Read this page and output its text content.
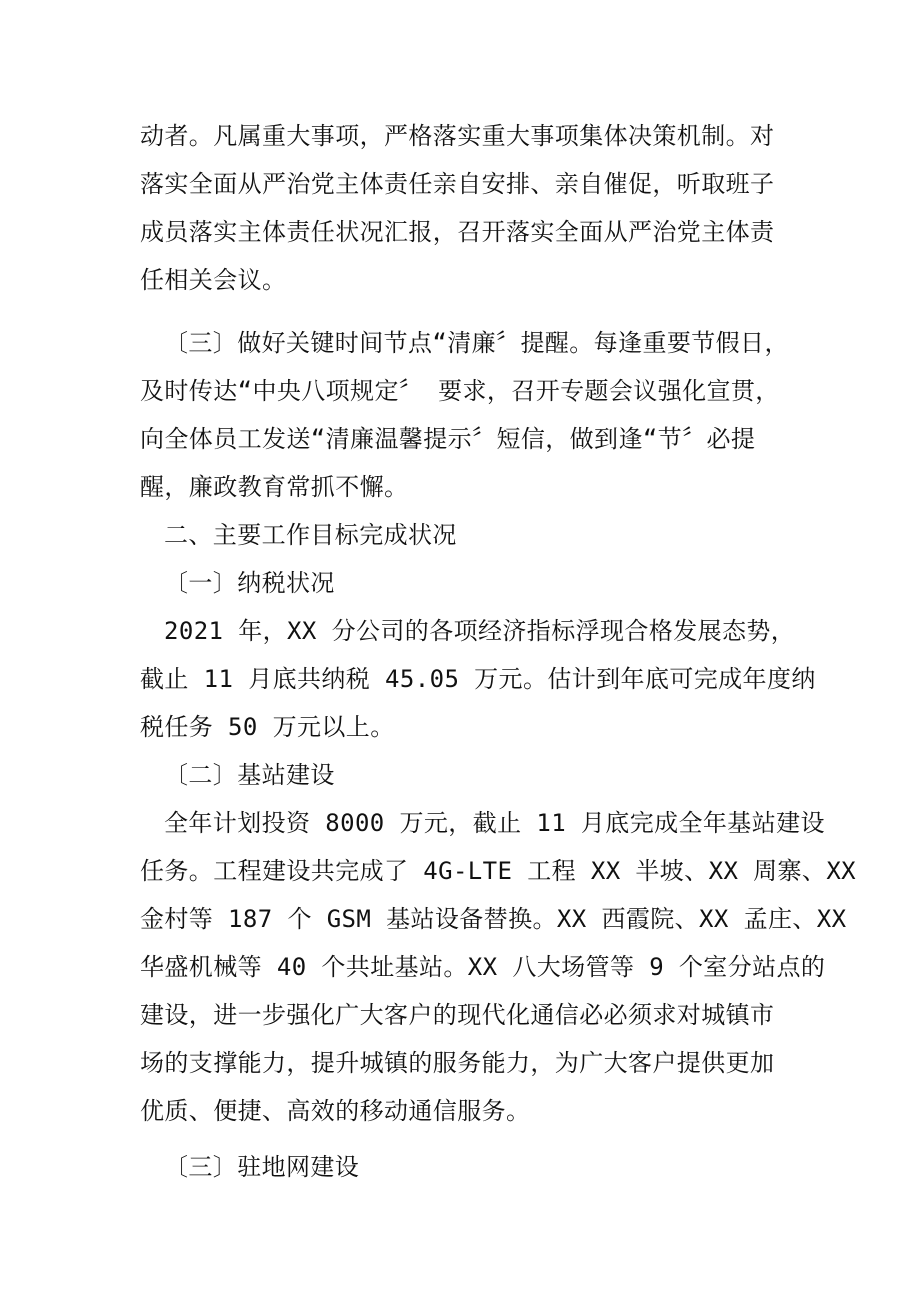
动者。凡属重大事项，严格落实重大事项集体决策机制。对
落实全面从严治党主体责任亲自安排、亲自催促，听取班子
成员落实主体责任状况汇报，召开落实全面从严治党主体责
任相关会议。
〔三〕做好关键时间节点“清廉〞提醒。每逢重要节假日，
及时传达“中央八项规定〞 要求，召开专题会议强化宣贯，
向全体员工发送“清廉温馨提示〞短信，做到逢“节〞必提
醒，廉政教育常抓不懈。
二、主要工作目标完成状况
〔一〕纳税状况
2021 年，XX 分公司的各项经济指标浮现合格发展态势，
截止 11 月底共纳税 45.05 万元。估计到年底可完成年度纳
税任务 50 万元以上。
〔二〕基站建设
全年计划投资 8000 万元，截止 11 月底完成全年基站建设
任务。工程建设共完成了 4G-LTE 工程 XX 半坡、XX 周寨、XX
金村等 187 个 GSM 基站设备替换。XX 西霞院、XX 孟庄、XX
华盛机械等 40 个共址基站。XX 八大场管等 9 个室分站点的
建设，进一步强化广大客户的现代化通信必必须求对城镇市
场的支撑能力，提升城镇的服务能力，为广大客户提供更加
优质、便捷、高效的移动通信服务。
〔三〕驻地网建设
